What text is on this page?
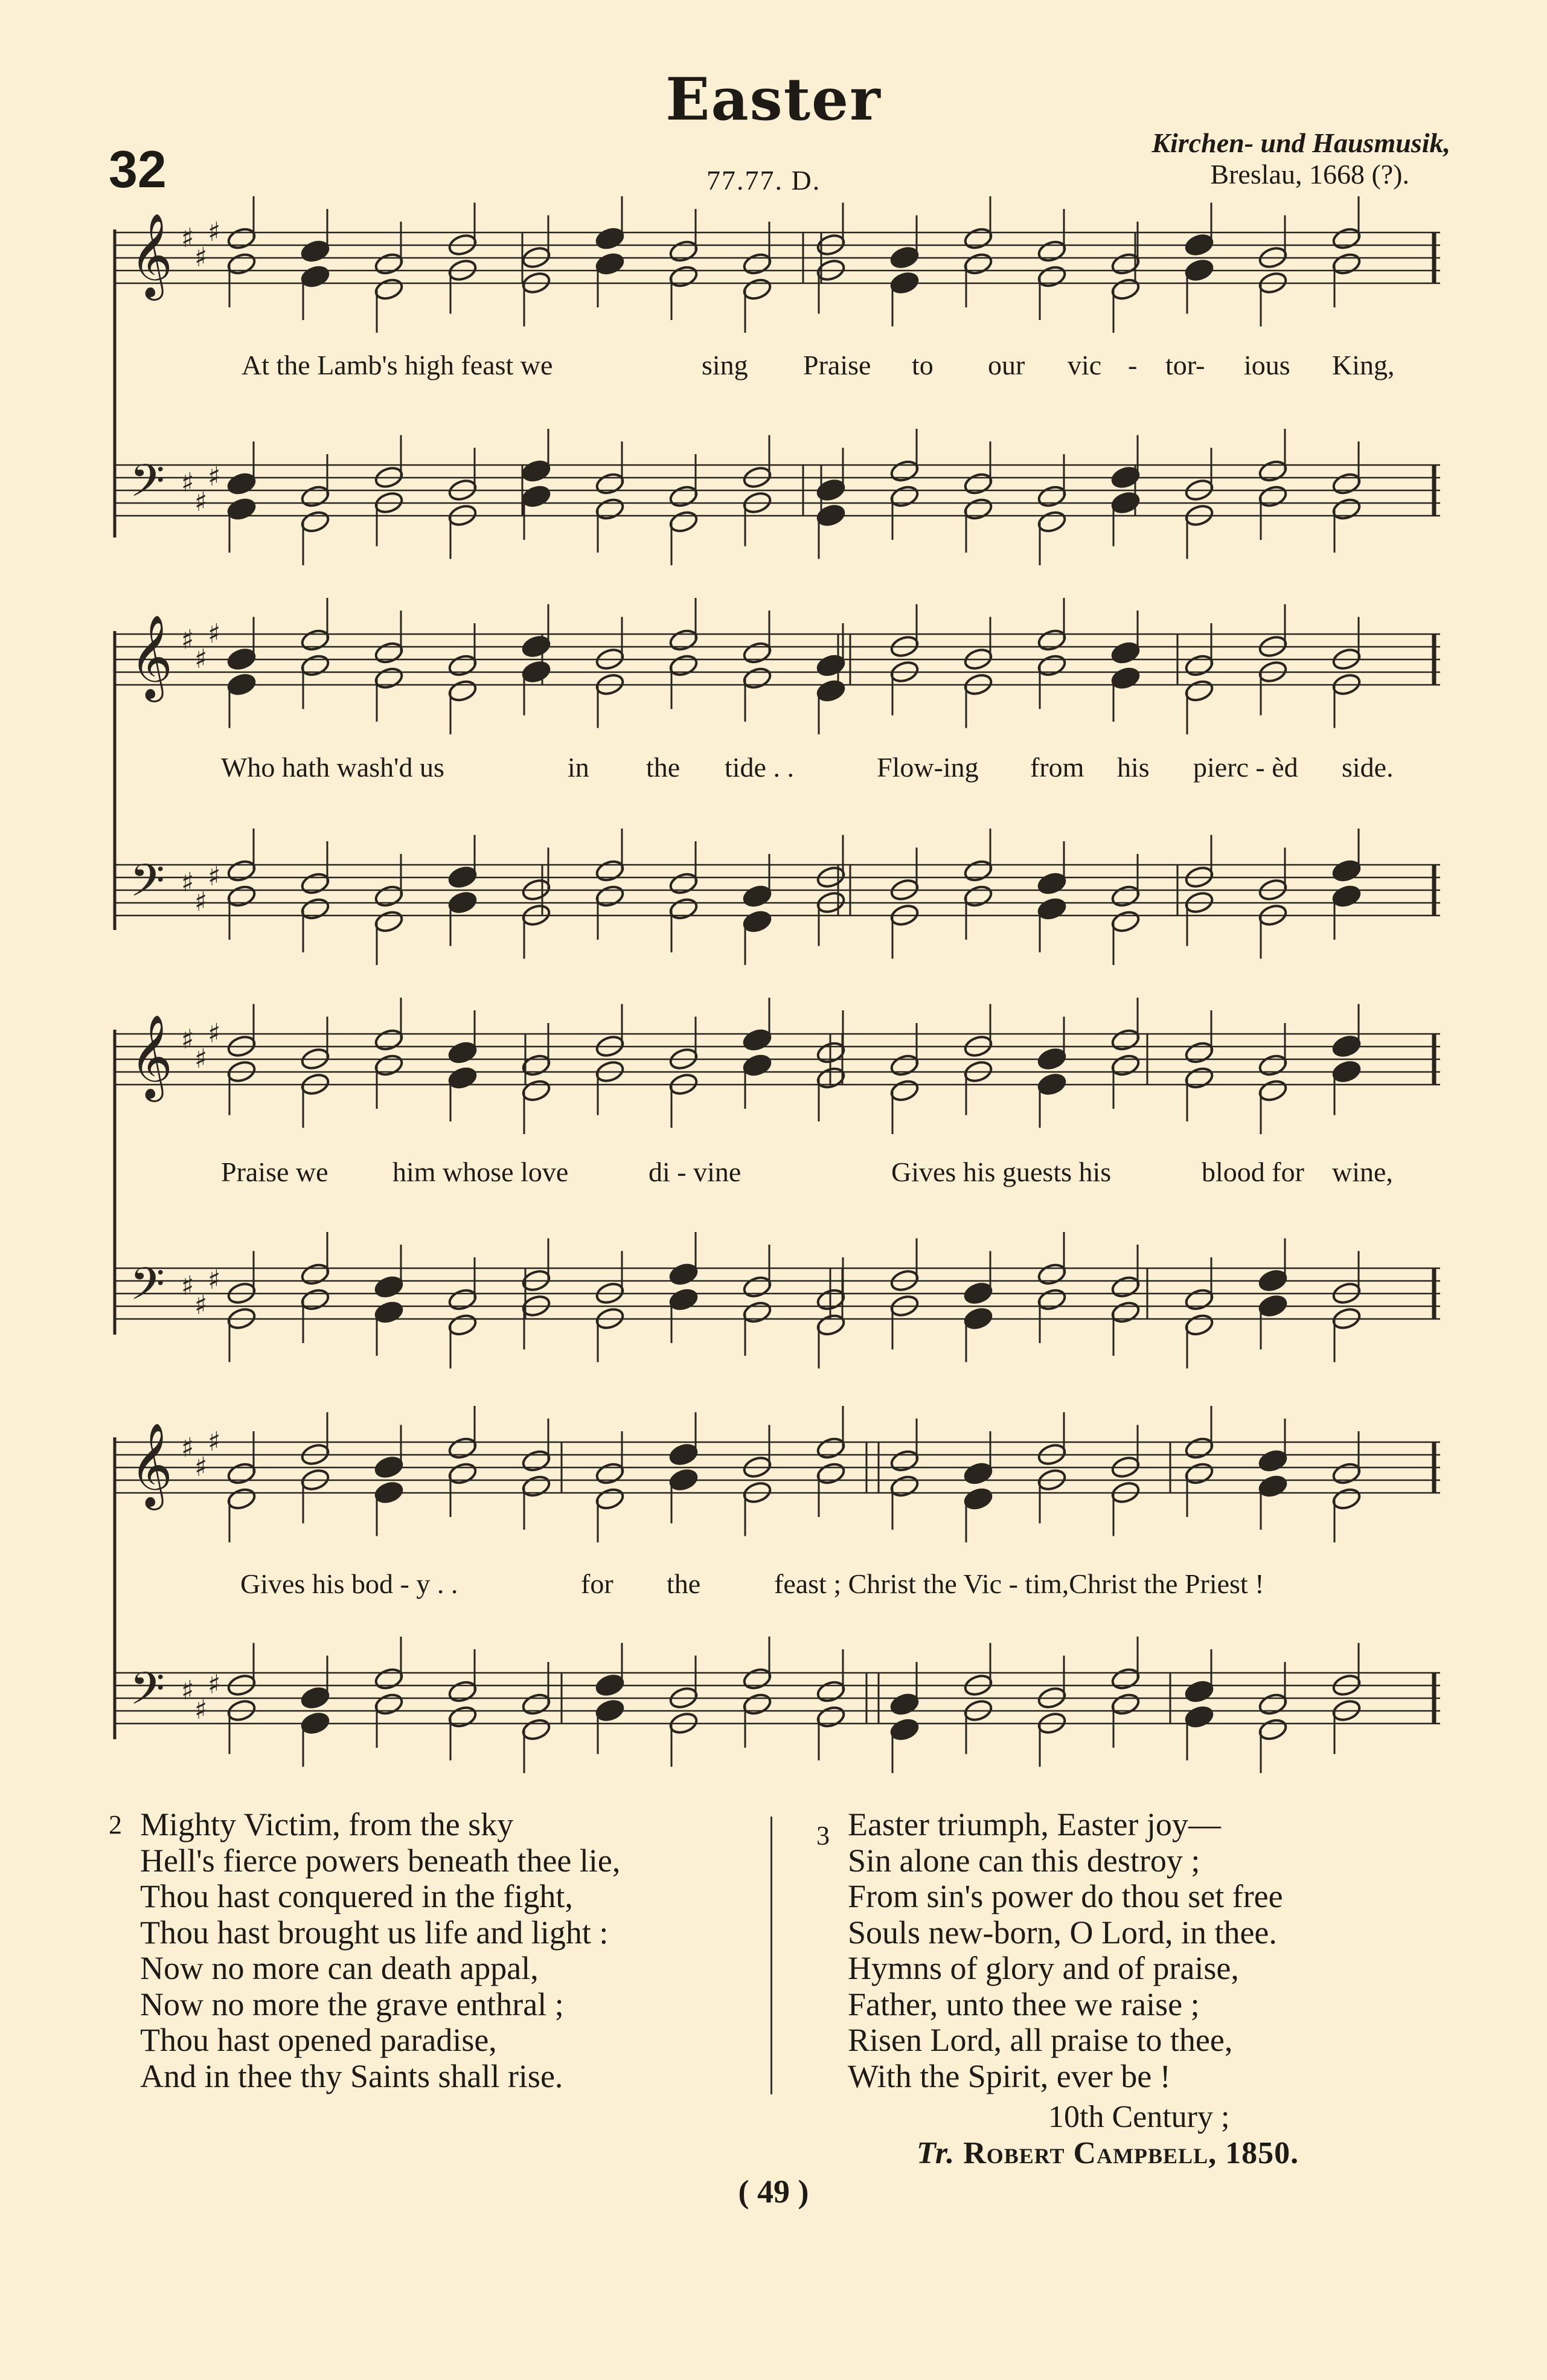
Easter
32	77.77. D.
Kirchen- und Hausmusik,
Breslau, 1668 (?).
𝄞 ♯
♯
♯
𝄢 ♯
♯
♯
𝄞 ♯
♯
♯
𝄢 ♯
♯
♯
𝄞 ♯
♯
♯
𝄢 ♯
♯
♯
𝄞 ♯
♯
♯
𝄢 ♯
♯
♯
At the Lamb's high feast we	sing Praise to our vic - tor- ious King,
Who hath wash'd us	in the tide . .	Flow-ing from his pierc - èd side.
Praise we him whose love	di - vine	Gives his guests his	blood for wine,
Gives his bod - y . .	for the	feast ; Christ the Vic - tim,Christ the Priest !
2 Mighty Victim, from the sky
Hell's fierce powers beneath thee lie,
Thou hast conquered in the fight,
Thou hast brought us life and light :
Now no more can death appal,
Now no more the grave enthral ;
Thou hast opened paradise,
And in thee thy Saints shall rise.
3 Easter triumph, Easter joy—
Sin alone can this destroy ;
From sin's power do thou set free
Souls new-born, O Lord, in thee.
Hymns of glory and of praise,
Father, unto thee we raise ;
Risen Lord, all praise to thee,
With the Spirit, ever be !
10th Century ;
Tr. Robert Campbell, 1850.
( 49 )
